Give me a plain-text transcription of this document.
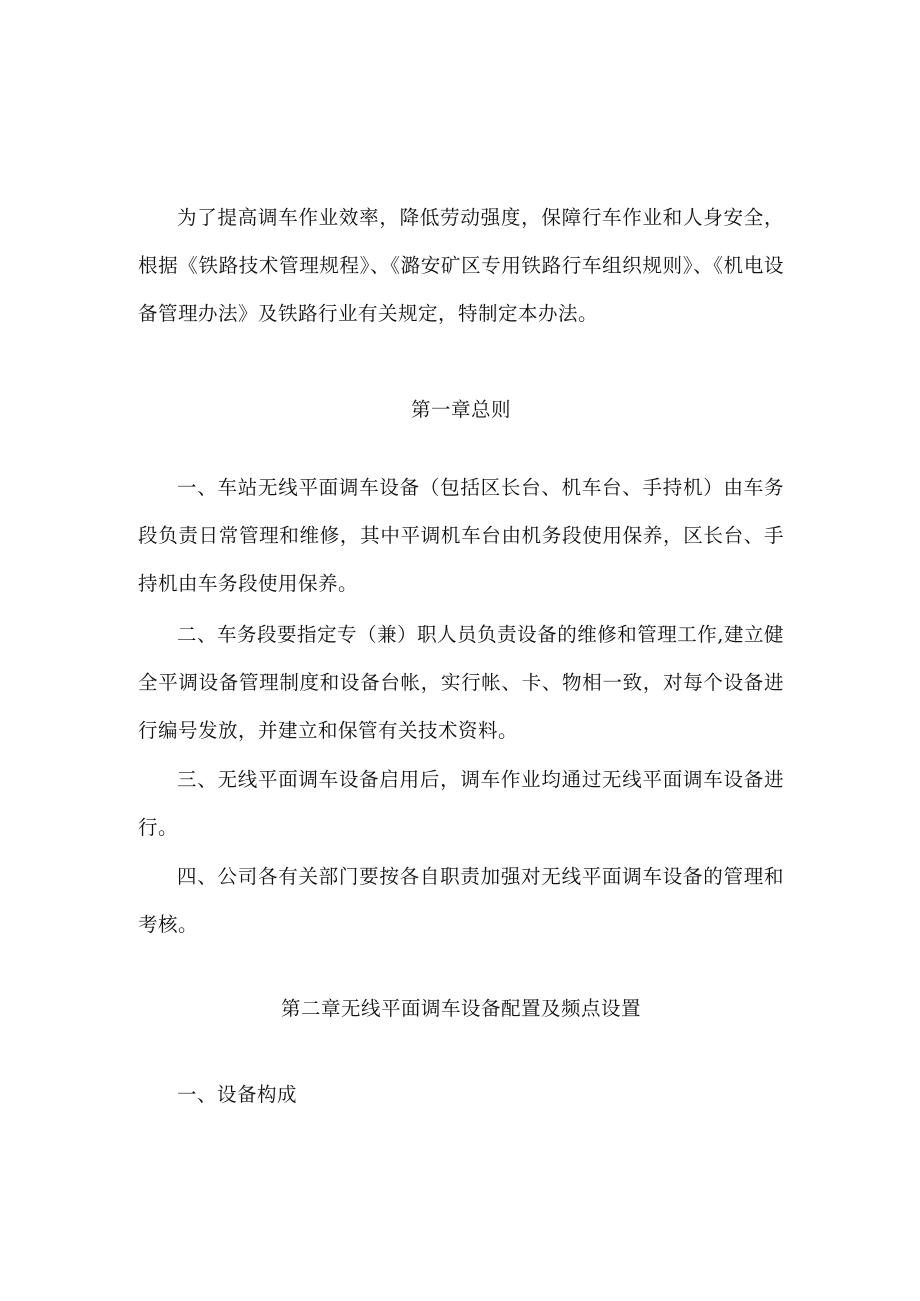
为了提高调车作业效率，降低劳动强度，保障行车作业和人身安全，根据《铁路技术管理规程》、《潞安矿区专用铁路行车组织规则》、《机电设备管理办法》及铁路行业有关规定，特制定本办法。

第一章总则

一、车站无线平面调车设备（包括区长台、机车台、手持机）由车务段负责日常管理和维修，其中平调机车台由机务段使用保养，区长台、手持机由车务段使用保养。

二、车务段要指定专（兼）职人员负责设备的维修和管理工作,建立健全平调设备管理制度和设备台帐，实行帐、卡、物相一致，对每个设备进行编号发放，并建立和保管有关技术资料。

三、无线平面调车设备启用后，调车作业均通过无线平面调车设备进行。

四、公司各有关部门要按各自职责加强对无线平面调车设备的管理和考核。

第二章无线平面调车设备配置及频点设置

一、设备构成
